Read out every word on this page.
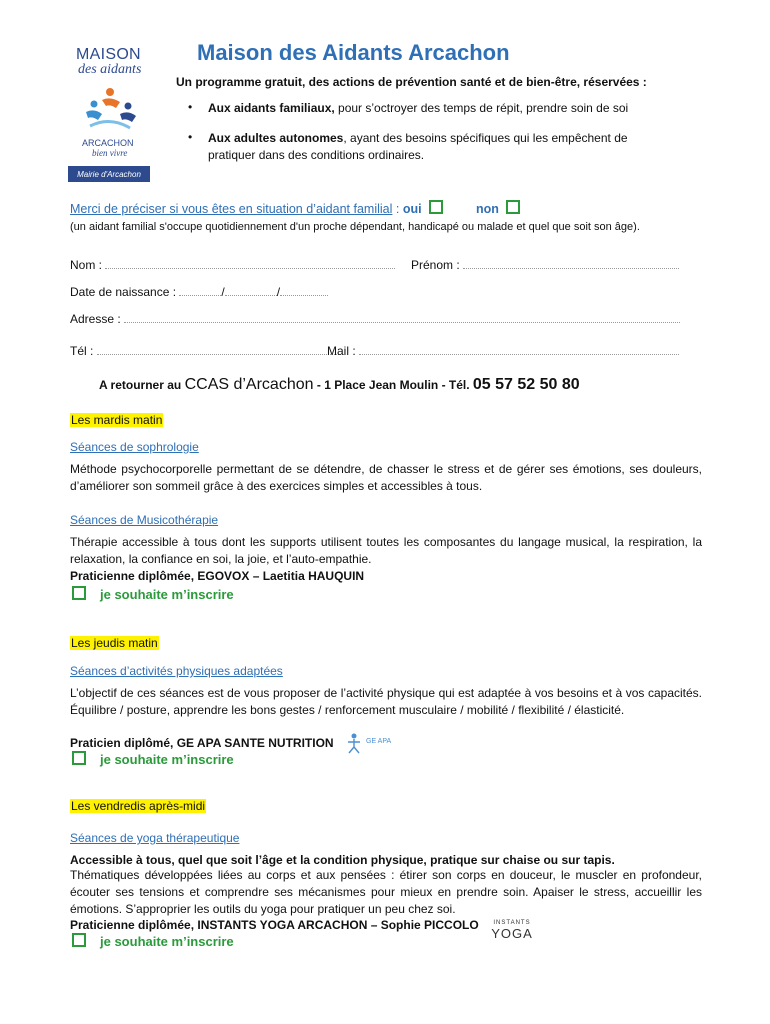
MAISON
des aidants
ARCACHON
bien vivre
Mairie d'Arcachon
Maison des Aidants Arcachon
Un programme gratuit, des actions de prévention santé et de bien-être, réservées :
• Aux aidants familiaux, pour s’octroyer des temps de répit, prendre soin de soi
• Aux adultes autonomes, ayant des besoins spécifiques qui les empêchent de pratiquer dans des conditions ordinaires.
Merci de préciser si vous êtes en situation d’aidant familial : oui	non
(un aidant familial s'occupe quotidiennement d'un proche dépendant, handicapé ou malade et quel que soit son âge).
Nom :	Prénom :
Date de naissance :	/	/
Adresse :
Tél :	Mail :
A retourner au CCAS d’Arcachon - 1 Place Jean Moulin - Tél. 05 57 52 50 80
Les mardis matin
Séances de sophrologie
Méthode psychocorporelle permettant de se détendre, de chasser le stress et de gérer ses émotions, ses douleurs, d’améliorer son sommeil grâce à des exercices simples et accessibles à tous.
Séances de Musicothérapie
Thérapie accessible à tous dont les supports utilisent toutes les composantes du langage musical, la respiration, la relaxation, la confiance en soi, la joie, et l’auto-empathie.
Praticienne diplômée, EGOVOX – Laetitia HAUQUIN
je souhaite m’inscrire
Les jeudis matin
Séances d’activités physiques adaptées
L’objectif de ces séances est de vous proposer de l’activité physique qui est adaptée à vos besoins et à vos capacités. Équilibre / posture, apprendre les bons gestes / renforcement musculaire / mobilité / flexibilité / élasticité.
Praticien diplômé, GE APA SANTE NUTRITION	GE APA
je souhaite m’inscrire
Les vendredis après-midi
Séances de yoga thérapeutique
Accessible à tous, quel que soit l’âge et la condition physique, pratique sur chaise ou sur tapis.
Thématiques développées liées au corps et aux pensées : étirer son corps en douceur, le muscler en profondeur, écouter ses tensions et comprendre ses mécanismes pour mieux en prendre soin. Apaiser le stress, accueillir les émotions. S’approprier les outils du yoga pour pratiquer un peu chez soi.
Praticienne diplômée, INSTANTS YOGA ARCACHON – Sophie PICCOLO	INSTANTS
YOGA
je souhaite m’inscrire
